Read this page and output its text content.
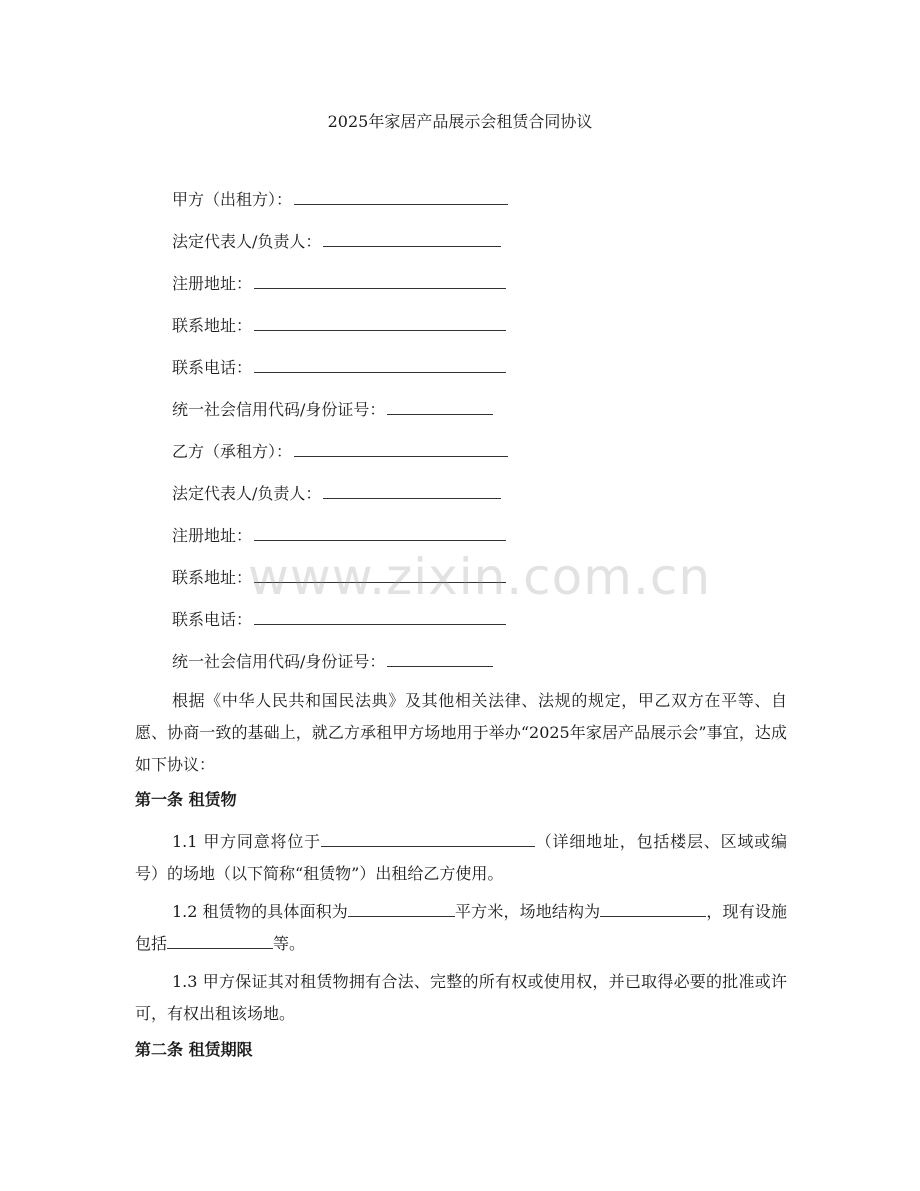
2025年家居产品展示会租赁合同协议
甲方（出租方）：
法定代表人/负责人：
注册地址：
联系地址：
联系电话：
统一社会信用代码/身份证号：
乙方（承租方）：
法定代表人/负责人：
注册地址：
联系地址：
联系电话：
统一社会信用代码/身份证号：

根据《中华人民共和国民法典》及其他相关法律、法规的规定，甲乙双方在平等、自愿、协商一致的基础上，就乙方承租甲方场地用于举办“2025年家居产品展示会”事宜，达成如下协议：

第一条 租赁物

1.1 甲方同意将位于	（详细地址，包括楼层、区域或编号）的场地（以下简称“租赁物”）出租给乙方使用。

1.2 租赁物的具体面积为	平方米，场地结构为	，现有设施包括	等。

1.3 甲方保证其对租赁物拥有合法、完整的所有权或使用权，并已取得必要的批准或许可，有权出租该场地。

第二条 租赁期限
www.zixin.com.cn
